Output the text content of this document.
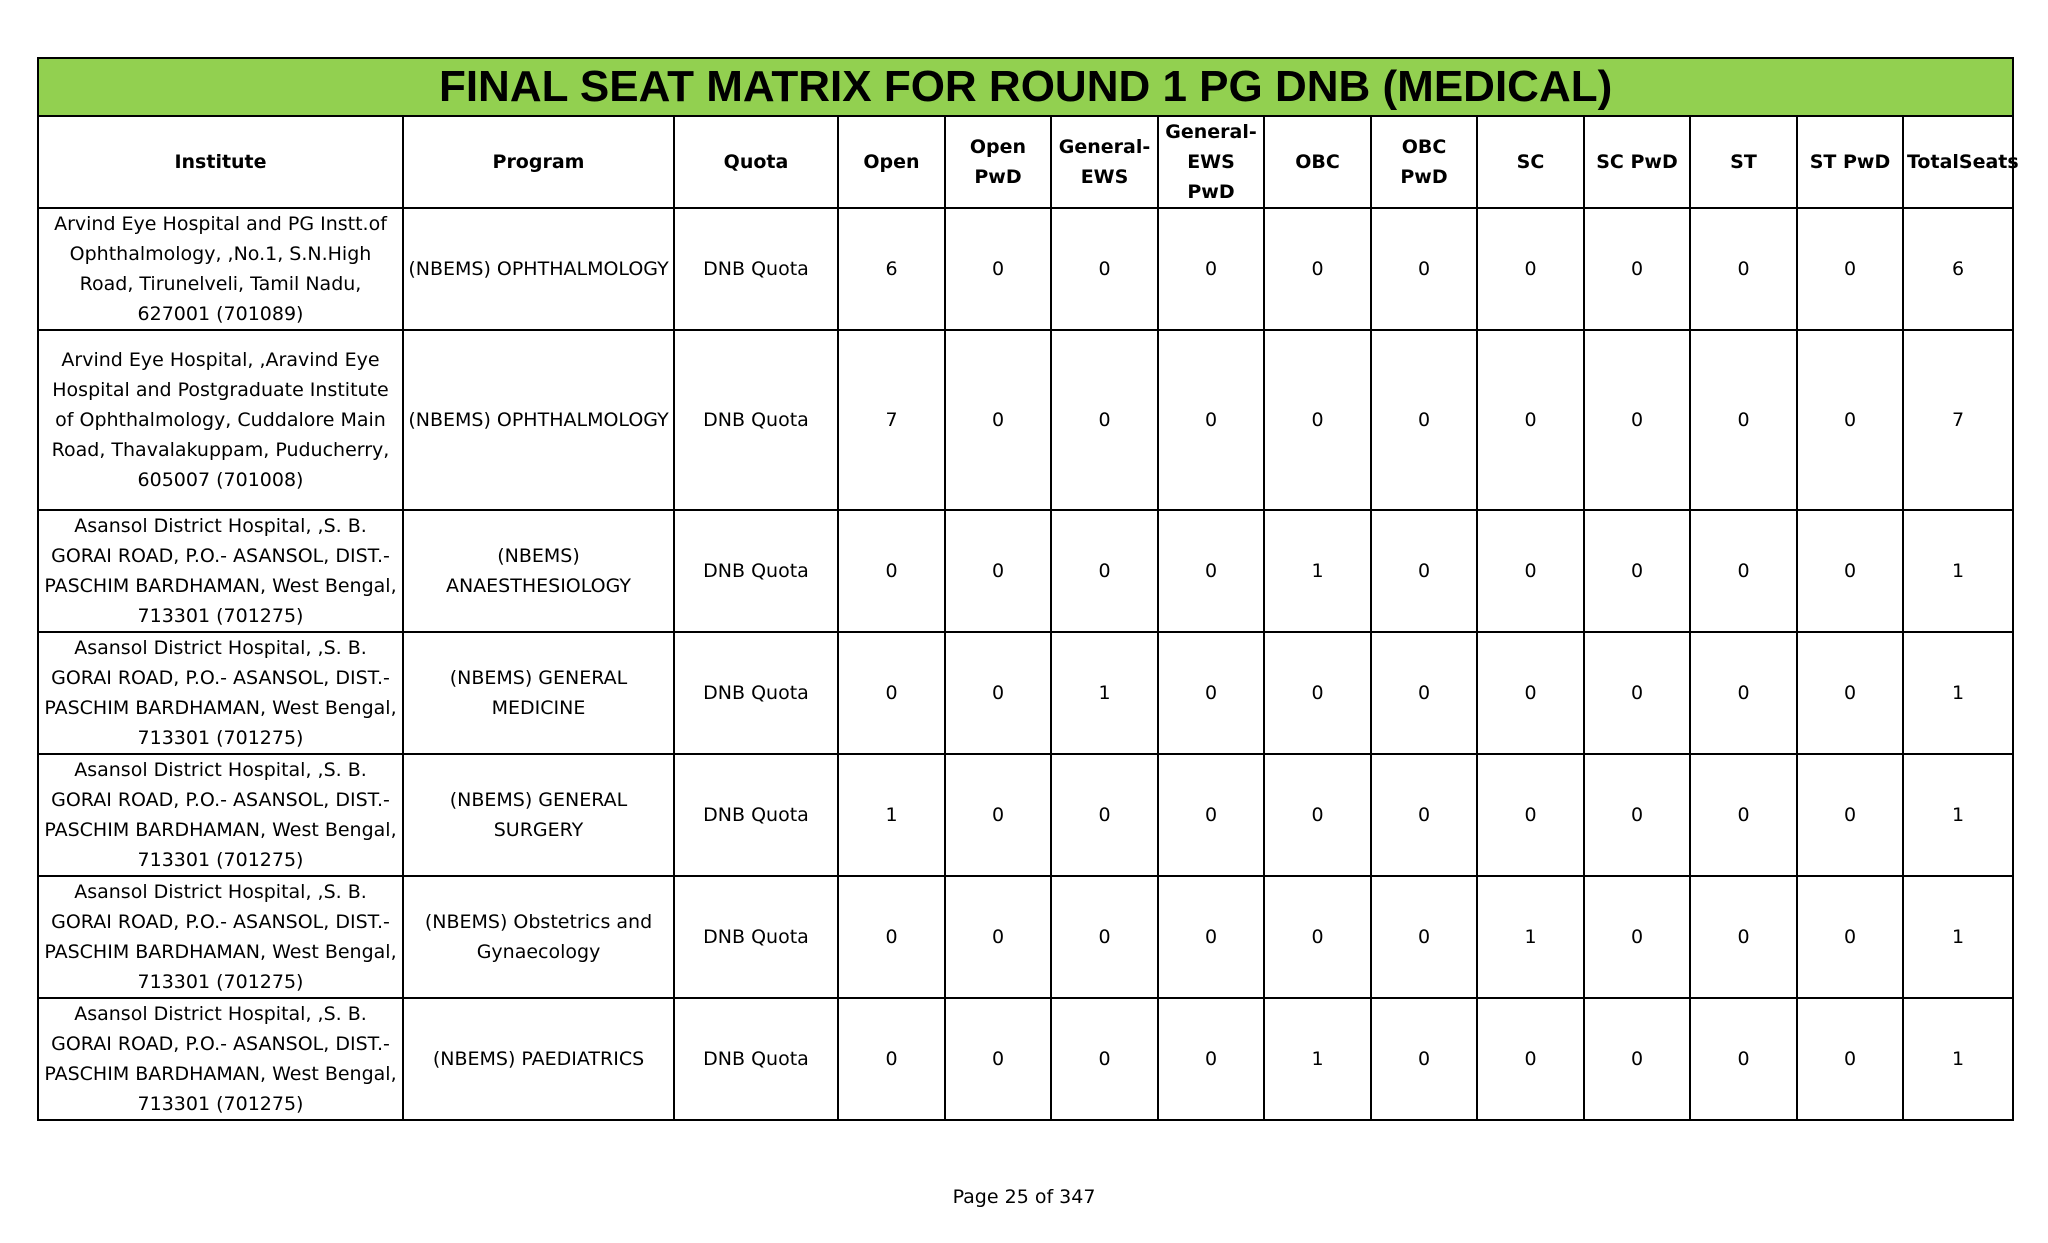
FINAL SEAT MATRIX FOR ROUND 1 PG DNB (MEDICAL)													
Institute	Program	Quota	Open	Open PwD	General-EWS	General-EWS PwD	OBC	OBC PwD	SC	SC PwD	ST	ST PwD	TotalSeats
Arvind Eye Hospital and PG Instt.of Ophthalmology, ,No.1, S.N.High Road, Tirunelveli, Tamil Nadu, 627001 (701089)	(NBEMS) OPHTHALMOLOGY	DNB Quota	6	0	0	0	0	0	0	0	0	0	6
Arvind Eye Hospital, ,Aravind Eye Hospital and Postgraduate Institute of Ophthalmology, Cuddalore Main Road, Thavalakuppam, Puducherry, 605007 (701008)	(NBEMS) OPHTHALMOLOGY	DNB Quota	7	0	0	0	0	0	0	0	0	0	7
Asansol District Hospital, ,S. B. GORAI ROAD, P.O.- ASANSOL, DIST.- PASCHIM BARDHAMAN, West Bengal, 713301 (701275)	(NBEMS) ANAESTHESIOLOGY	DNB Quota	0	0	0	0	1	0	0	0	0	0	1
Asansol District Hospital, ,S. B. GORAI ROAD, P.O.- ASANSOL, DIST.- PASCHIM BARDHAMAN, West Bengal, 713301 (701275)	(NBEMS) GENERAL MEDICINE	DNB Quota	0	0	1	0	0	0	0	0	0	0	1
Asansol District Hospital, ,S. B. GORAI ROAD, P.O.- ASANSOL, DIST.- PASCHIM BARDHAMAN, West Bengal, 713301 (701275)	(NBEMS) GENERAL SURGERY	DNB Quota	1	0	0	0	0	0	0	0	0	0	1
Asansol District Hospital, ,S. B. GORAI ROAD, P.O.- ASANSOL, DIST.- PASCHIM BARDHAMAN, West Bengal, 713301 (701275)	(NBEMS) Obstetrics and Gynaecology	DNB Quota	0	0	0	0	0	0	1	0	0	0	1
Asansol District Hospital, ,S. B. GORAI ROAD, P.O.- ASANSOL, DIST.- PASCHIM BARDHAMAN, West Bengal, 713301 (701275)	(NBEMS) PAEDIATRICS	DNB Quota	0	0	0	0	1	0	0	0	0	0	1
Page 25 of 347
